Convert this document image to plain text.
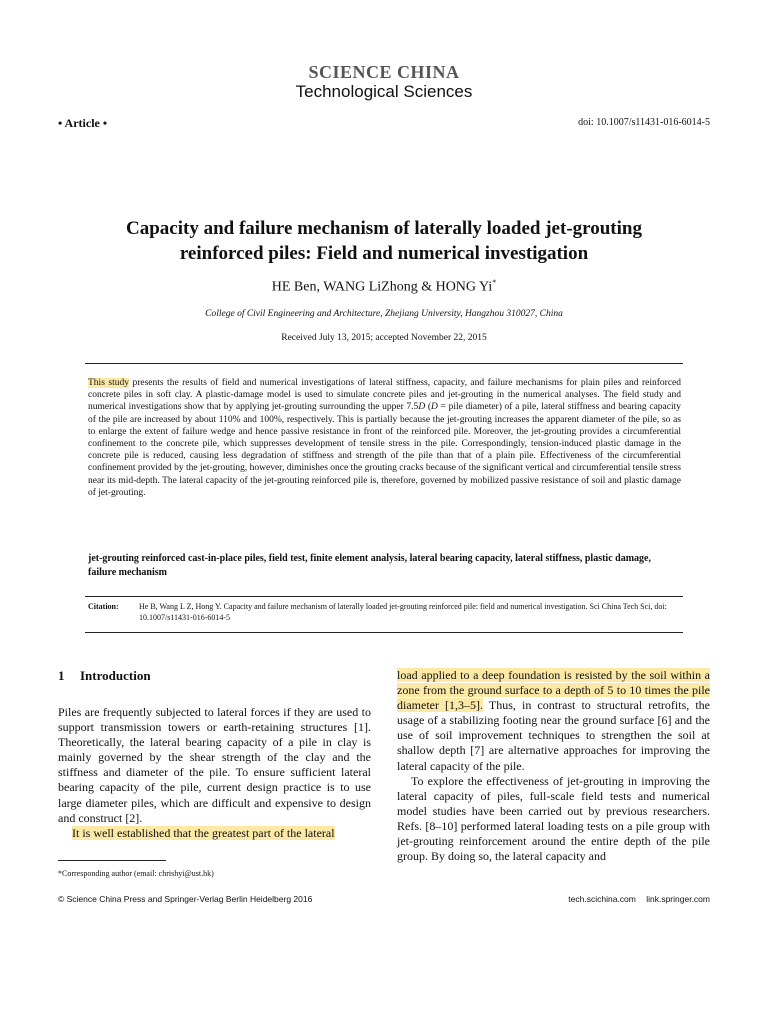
SCIENCE CHINA
Technological Sciences
• Article •	doi: 10.1007/s11431-016-6014-5
Capacity and failure mechanism of laterally loaded jet-grouting
reinforced piles: Field and numerical investigation
HE Ben, WANG LiZhong & HONG Yi*
College of Civil Engineering and Architecture, Zhejiang University, Hangzhou 310027, China
Received July 13, 2015; accepted November 22, 2015
This study presents the results of field and numerical investigations of lateral stiffness, capacity, and failure mechanisms for plain piles and reinforced concrete piles in soft clay. A plastic-damage model is used to simulate concrete piles and jet-grouting in the numerical analyses. The field study and numerical investigations show that by applying jet-grouting surrounding the upper 7.5D (D = pile diameter) of a pile, lateral stiffness and bearing capacity of the pile are increased by about 110% and 100%, respectively. This is partially because the jet-grouting increases the apparent diameter of the pile, so as to enlarge the extent of failure wedge and hence passive resistance in front of the reinforced pile. Moreover, the jet-grouting provides a circumferential confinement to the concrete pile, which suppresses development of tensile stress in the pile. Correspondingly, tension-induced plastic damage in the concrete pile is reduced, causing less degradation of stiffness and strength of the pile than that of a plain pile. Effectiveness of the circumferential confinement provided by the jet-grouting, however, diminishes once the grouting cracks because of the significant vertical and circumferential tensile stress near its mid-depth. The lateral capacity of the jet-grouting reinforced pile is, therefore, governed by mobilized passive resistance of soil and plastic damage of jet-grouting.
jet-grouting reinforced cast-in-place piles, field test, finite element analysis, lateral bearing capacity, lateral stiffness, plastic damage, failure mechanism
Citation:	He B, Wang L Z, Hong Y. Capacity and failure mechanism of laterally loaded jet-grouting reinforced pile: field and numerical investigation. Sci China Tech Sci, doi: 10.1007/s11431-016-6014-5
1 Introduction

Piles are frequently subjected to lateral forces if they are used to support transmission towers or earth-retaining structures [1]. Theoretically, the lateral bearing capacity of a pile in clay is mainly governed by the shear strength of the clay and the stiffness and diameter of the pile. To ensure sufficient lateral bearing capacity of the pile, current design practice is to use large diameter piles, which are difficult and expensive to design and construct [2].

It is well established that the greatest part of the lateral

load applied to a deep foundation is resisted by the soil within a zone from the ground surface to a depth of 5 to 10 times the pile diameter [1,3–5]. Thus, in contrast to structural retrofits, the usage of a stabilizing footing near the ground surface [6] and the use of soil improvement techniques to strengthen the soil at shallow depth [7] are alternative approaches for improving the lateral capacity of the pile.

To explore the effectiveness of jet-grouting in improving the lateral capacity of piles, full-scale field tests and numerical model studies have been carried out by previous researchers. Refs. [8–10] performed lateral loading tests on a pile group with jet-grouting reinforcement around the entire depth of the pile group. By doing so, the lateral capacity and

*Corresponding author (email: chrishyi@ust.hk)
© Science China Press and Springer-Verlag Berlin Heidelberg 2016	tech.scichina.com link.springer.com
